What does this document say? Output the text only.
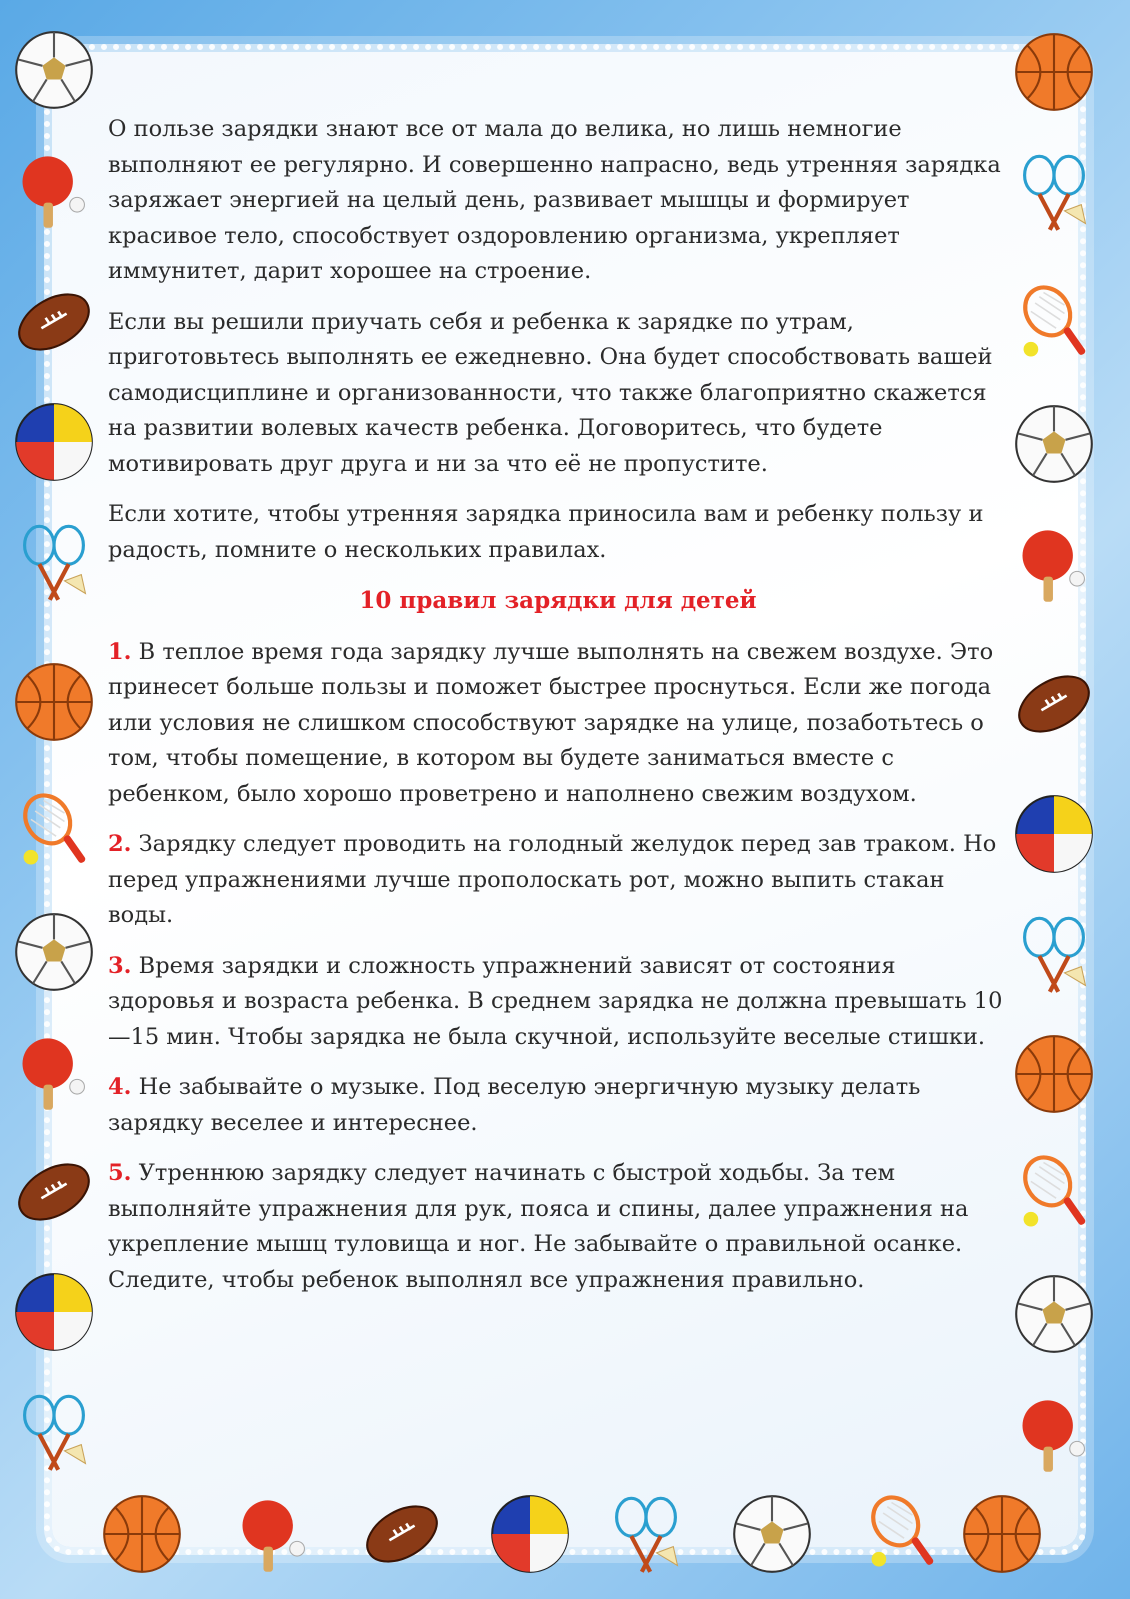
О пользе зарядки знают все от мала до велика, но лишь немногие выполняют ее регулярно. И совершенно напрасно, ведь утренняя зарядка заряжает энергией на целый день, развивает мышцы и формирует красивое тело, способствует оздоровлению организма, укрепляет иммунитет, дарит хорошее на строение.

Если вы решили приучать себя и ребенка к зарядке по утрам, приготовьтесь выполнять ее ежедневно. Она будет способствовать вашей самодисциплине и организованности, что также благоприятно скажется на развитии волевых качеств ребенка. Договоритесь, что будете мотивировать друг друга и ни за что её не пропустите.

Если хотите, чтобы утренняя зарядка приносила вам и ребенку пользу и радость, помните о нескольких правилах.

10 правил зарядки для детей

1. В теплое время года зарядку лучше выполнять на свежем воздухе. Это принесет больше пользы и поможет быстрее проснуться. Если же погода или условия не слишком способствуют зарядке на улице, позаботьтесь о том, чтобы помещение, в котором вы будете заниматься вместе с ребенком, было хорошо проветрено и наполнено свежим воздухом.

2. Зарядку следует проводить на голодный желудок перед зав траком. Но перед упражнениями лучше прополоскать рот, можно выпить стакан воды.

3. Время зарядки и сложность упражнений зависят от состояния здоровья и возраста ребенка. В среднем зарядка не должна превышать 10—15 мин. Чтобы зарядка не была скучной, используйте веселые стишки.

4. Не забывайте о музыке. Под веселую энергичную музыку делать зарядку веселее и интереснее.

5. Утреннюю зарядку следует начинать с быстрой ходьбы. За тем выполняйте упражнения для рук, пояса и спины, далее упражнения на укрепление мышц туловища и ног. Не забывайте о правильной осанке. Следите, чтобы ребенок выполнял все упражнения правильно.
